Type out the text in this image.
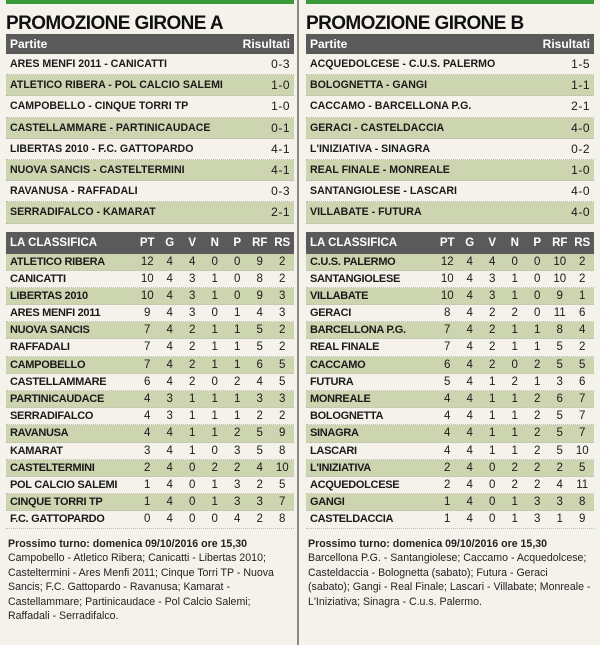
PROMOZIONE GIRONE A
Partite	Risultati
ARES MENFI 2011 - CANICATTI	0-3
ATLETICO RIBERA - POL CALCIO SALEMI	1-0
CAMPOBELLO - CINQUE TORRI TP	1-0
CASTELLAMMARE - PARTINICAUDACE	0-1
LIBERTAS 2010 - F.C. GATTOPARDO	4-1
NUOVA SANCIS - CASTELTERMINI	4-1
RAVANUSA - RAFFADALI	0-3
SERRADIFALCO - KAMARAT	2-1
LA CLASSIFICA	PT G	V	N	P RF RS
ATLETICO RIBERA	12	4	4	0	0	9	2
CANICATTI	10	4	3	1	0	8	2
LIBERTAS 2010	10	4	3	1	0	9	3
ARES MENFI 2011	9	4	3	0	1	4	3
NUOVA SANCIS	7	4	2	1	1	5	2
RAFFADALI	7	4	2	1	1	5	2
CAMPOBELLO	7	4	2	1	1	6	5
CASTELLAMMARE	6	4	2	0	2	4	5
PARTINICAUDACE	4	3	1	1	1	3	3
SERRADIFALCO	4	3	1	1	1	2	2
RAVANUSA	4	4	1	1	2	5	9
KAMARAT	3	4	1	0	3	5	8
CASTELTERMINI	2	4	0	2	2	4	10
POL CALCIO SALEMI	1	4	0	1	3	2	5
CINQUE TORRI TP	1	4	0	1	3	3	7
F.C. GATTOPARDO	0	4	0	0	4	2	8
Prossimo turno: domenica 09/10/2016 ore 15,30 Campobello - Atletico Ribera; Canicatti - Libertas 2010; Casteltermini - Ares Menfi 2011; Cinque Torri TP - Nuova Sancis; F.C. Gattopardo - Ravanusa; Kamarat - Castellammare; Partinicaudace - Pol Calcio Salemi; Raffadali - Serradifalco.
PROMOZIONE GIRONE B
Partite	Risultati
ACQUEDOLCESE - C.U.S. PALERMO	1-5
BOLOGNETTA - GANGI	1-1
CACCAMO - BARCELLONA P.G.	2-1
GERACI - CASTELDACCIA	4-0
L'INIZIATIVA - SINAGRA	0-2
REAL FINALE - MONREALE	1-0
SANTANGIOLESE - LASCARI	4-0
VILLABATE - FUTURA	4-0
LA CLASSIFICA	PT G	V	N	P RF RS
C.U.S. PALERMO	12	4	4	0	0	10	2
SANTANGIOLESE	10	4	3	1	0	10	2
VILLABATE	10	4	3	1	0	9	1
GERACI	8	4	2	2	0	11	6
BARCELLONA P.G.	7	4	2	1	1	8	4
REAL FINALE	7	4	2	1	1	5	2
CACCAMO	6	4	2	0	2	5	5
FUTURA	5	4	1	2	1	3	6
MONREALE	4	4	1	1	2	6	7
BOLOGNETTA	4	4	1	1	2	5	7
SINAGRA	4	4	1	1	2	5	7
LASCARI	4	4	1	1	2	5	10
L'INIZIATIVA	2	4	0	2	2	2	5
ACQUEDOLCESE	2	4	0	2	2	4	11
GANGI	1	4	0	1	3	3	8
CASTELDACCIA	1	4	0	1	3	1	9
Prossimo turno: domenica 09/10/2016 ore 15,30 Barcellona P.G. - Santangiolese; Caccamo - Acquedolcese; Casteldaccia - Bolognetta (sabato); Futura - Geraci (sabato); Gangi - Real Finale; Lascari - Villabate; Monreale - L'Iniziativa; Sinagra - C.u.s. Palermo.
